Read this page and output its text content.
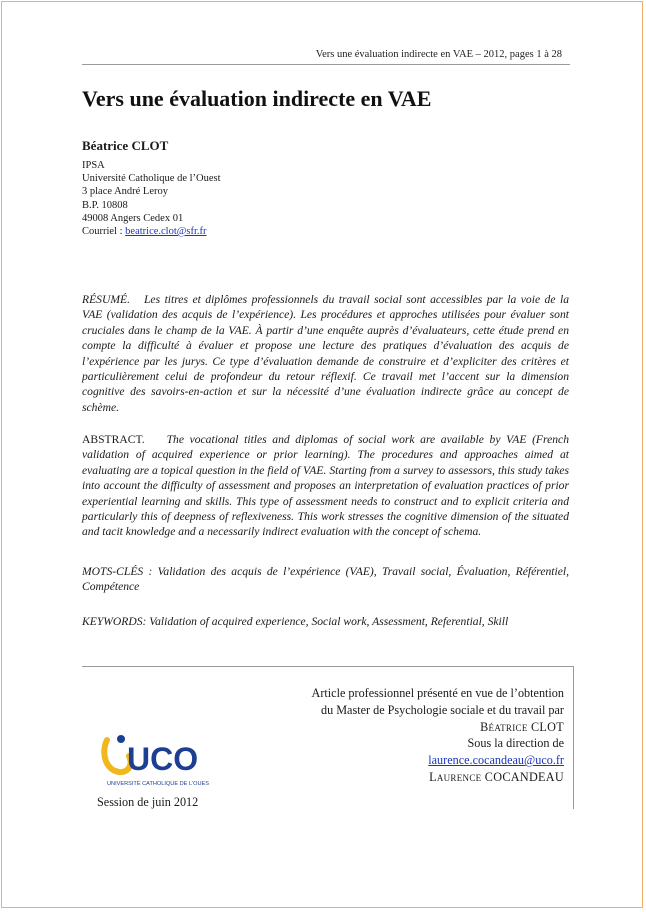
Vers une évaluation indirecte en VAE – 2012, pages 1 à 28
Vers une évaluation indirecte en VAE
Béatrice CLOT
IPSA
Université Catholique de l’Ouest
3 place André Leroy
B.P. 10808
49008 Angers Cedex 01
Courriel : beatrice.clot@sfr.fr

RÉSUMÉ. Les titres et diplômes professionnels du travail social sont accessibles par la voie de la VAE (validation des acquis de l’expérience). Les procédures et approches utilisées pour évaluer sont cruciales dans le champ de la VAE. À partir d’une enquête auprès d’évaluateurs, cette étude prend en compte la difficulté à évaluer et propose une lecture des pratiques d’évaluation des acquis de l’expérience par les jurys. Ce type d’évaluation demande de construire et d’expliciter des critères et particulièrement celui de profondeur du retour réflexif. Ce travail met l’accent sur la dimension cognitive des savoirs-en-action et sur la nécessité d’une évaluation indirecte grâce au concept de schème.

ABSTRACT. The vocational titles and diplomas of social work are available by VAE (French validation of acquired experience or prior learning). The procedures and approaches aimed at evaluating are a topical question in the field of VAE. Starting from a survey to assessors, this study takes into account the difficulty of assessment and proposes an interpretation of evaluation practices of prior experiential learning and skills. This type of assessment needs to construct and to explicit criteria and particularly this of deepness of reflexiveness. This work stresses the cognitive dimension of the situated and tacit knowledge and a necessarily indirect evaluation with the concept of schema.

MOTS-CLÉS : Validation des acquis de l’expérience (VAE), Travail social, Évaluation, Référentiel, Compétence

KEYWORDS: Validation of acquired experience, Social work, Assessment, Referential, Skill

Article professionnel présenté en vue de l’obtention
du Master de Psychologie sociale et du travail par
Béatrice CLOT
Sous la direction de
laurence.cocandeau@uco.fr
Laurence COCANDEAU
UCO
UNIVERSITÉ CATHOLIQUE DE L'OUEST
Session de juin 2012
